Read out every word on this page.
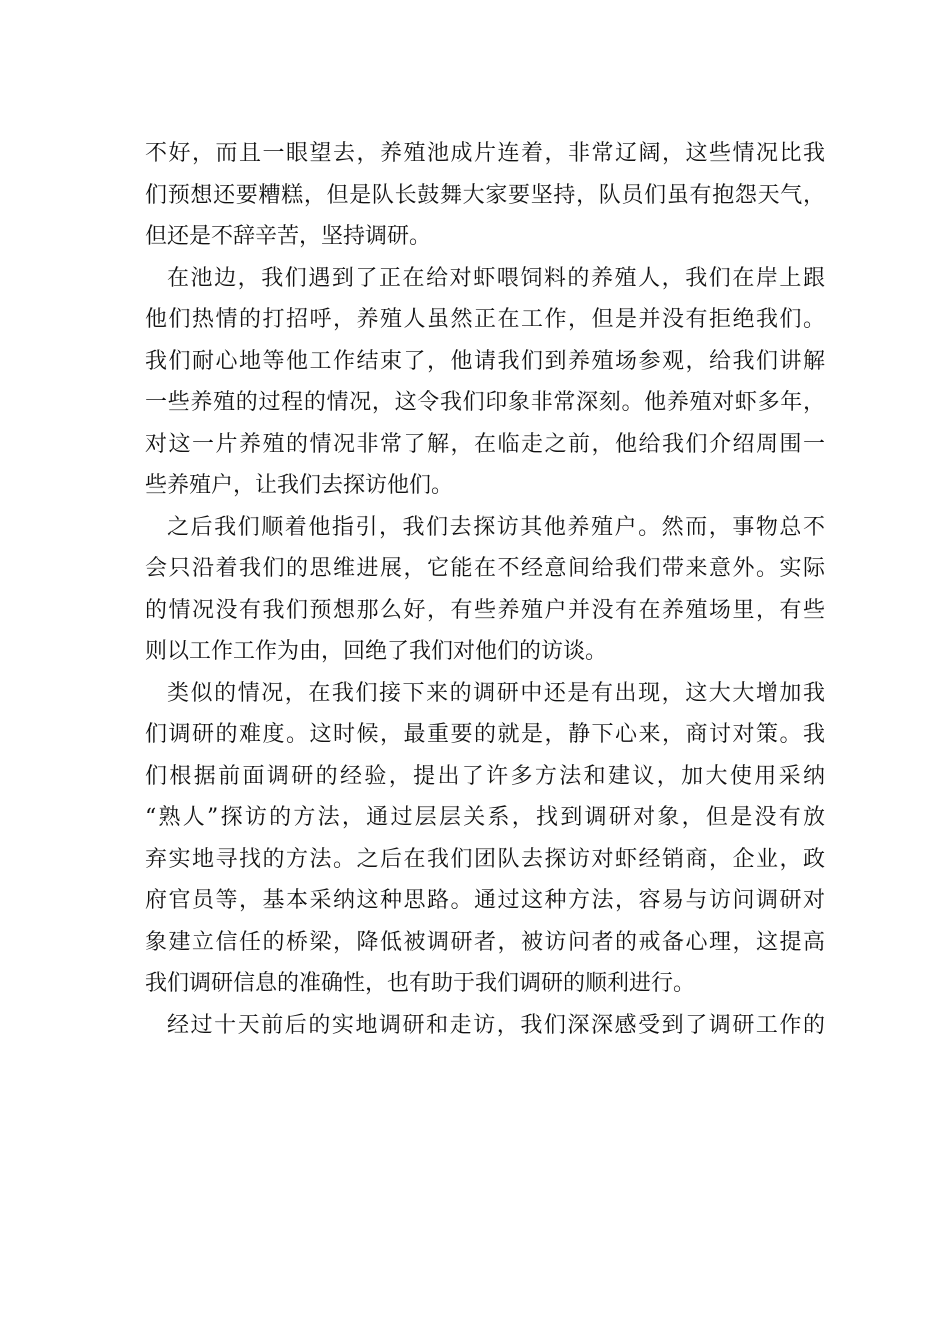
不好，而且一眼望去，养殖池成片连着，非常辽阔，这些情况比我
们预想还要糟糕，但是队长鼓舞大家要坚持，队员们虽有抱怨天气，
但还是不辞辛苦，坚持调研。
在池边，我们遇到了正在给对虾喂饲料的养殖人，我们在岸上跟
他们热情的打招呼，养殖人虽然正在工作，但是并没有拒绝我们。
我们耐心地等他工作结束了，他请我们到养殖场参观，给我们讲解
一些养殖的过程的情况，这令我们印象非常深刻。他养殖对虾多年，
对这一片养殖的情况非常了解，在临走之前，他给我们介绍周围一
些养殖户，让我们去探访他们。
之后我们顺着他指引，我们去探访其他养殖户。然而，事物总不
会只沿着我们的思维进展，它能在不经意间给我们带来意外。实际
的情况没有我们预想那么好，有些养殖户并没有在养殖场里，有些
则以工作工作为由，回绝了我们对他们的访谈。
类似的情况，在我们接下来的调研中还是有出现，这大大增加我
们调研的难度。这时候，最重要的就是，静下心来，商讨对策。我
们根据前面调研的经验，提出了许多方法和建议，加大使用采纳
“熟人”探访的方法，通过层层关系，找到调研对象，但是没有放
弃实地寻找的方法。之后在我们团队去探访对虾经销商，企业，政
府官员等，基本采纳这种思路。通过这种方法，容易与访问调研对
象建立信任的桥梁，降低被调研者，被访问者的戒备心理，这提高
我们调研信息的准确性，也有助于我们调研的顺利进行。
经过十天前后的实地调研和走访，我们深深感受到了调研工作的
